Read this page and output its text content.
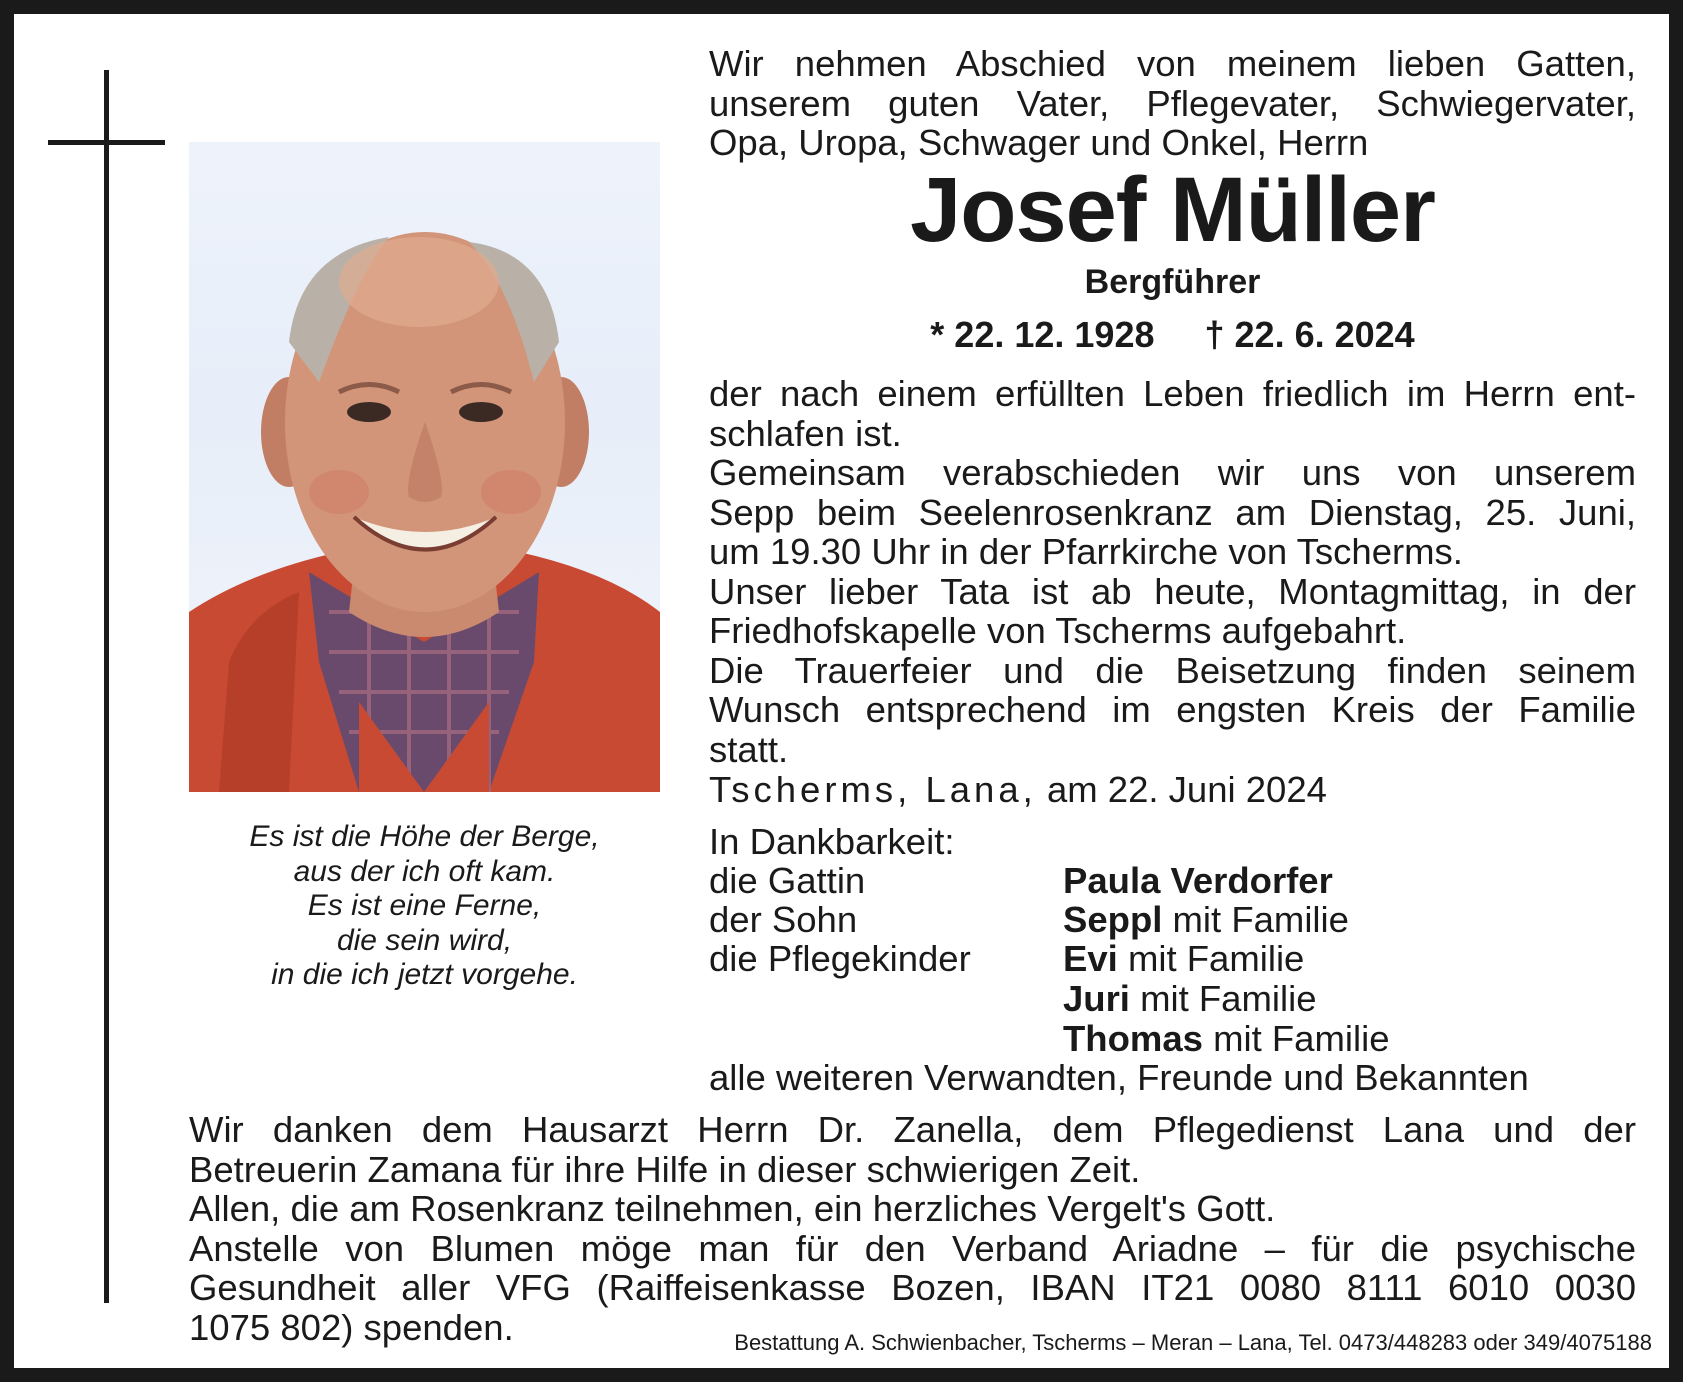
Es ist die Höhe der Berge,
aus der ich oft kam.
Es ist eine Ferne,
die sein wird,
in die ich jetzt vorgehe.
Wir nehmen Abschied von meinem lieben Gatten,
unserem guten Vater, Pflegevater, Schwiegervater,
Opa, Uropa, Schwager und Onkel, Herrn
Josef Müller
Bergführer
* 22. 12. 1928 † 22. 6. 2024
der nach einem erfüllten Leben friedlich im Herrn ent-
schlafen ist.
Gemeinsam verabschieden wir uns von unserem
Sepp beim Seelenrosenkranz am Dienstag, 25. Juni,
um 19.30 Uhr in der Pfarrkirche von Tscherms.
Unser lieber Tata ist ab heute, Montagmittag, in der
Friedhofskapelle von Tscherms aufgebahrt.
Die Trauerfeier und die Beisetzung finden seinem
Wunsch entsprechend im engsten Kreis der Familie
statt.
Tscherms, Lana, am 22. Juni 2024
In Dankbarkeit:
die Gattin	Paula Verdorfer
der Sohn	Seppl mit Familie
die Pflegekinder	Evi mit Familie
Juri mit Familie
Thomas mit Familie
alle weiteren Verwandten, Freunde und Bekannten

Wir danken dem Hausarzt Herrn Dr. Zanella, dem Pflegedienst Lana und der

Betreuerin Zamana für ihre Hilfe in dieser schwierigen Zeit.

Allen, die am Rosenkranz teilnehmen, ein herzliches Vergelt's Gott.

Anstelle von Blumen möge man für den Verband Ariadne – für die psychische

Gesundheit aller VFG (Raiffeisenkasse Bozen, IBAN IT21 0080 8111 6010 0030

1075 802) spenden.	Bestattung A. Schwienbacher, Tscherms – Meran – Lana, Tel. 0473/448283 oder 349/4075188
